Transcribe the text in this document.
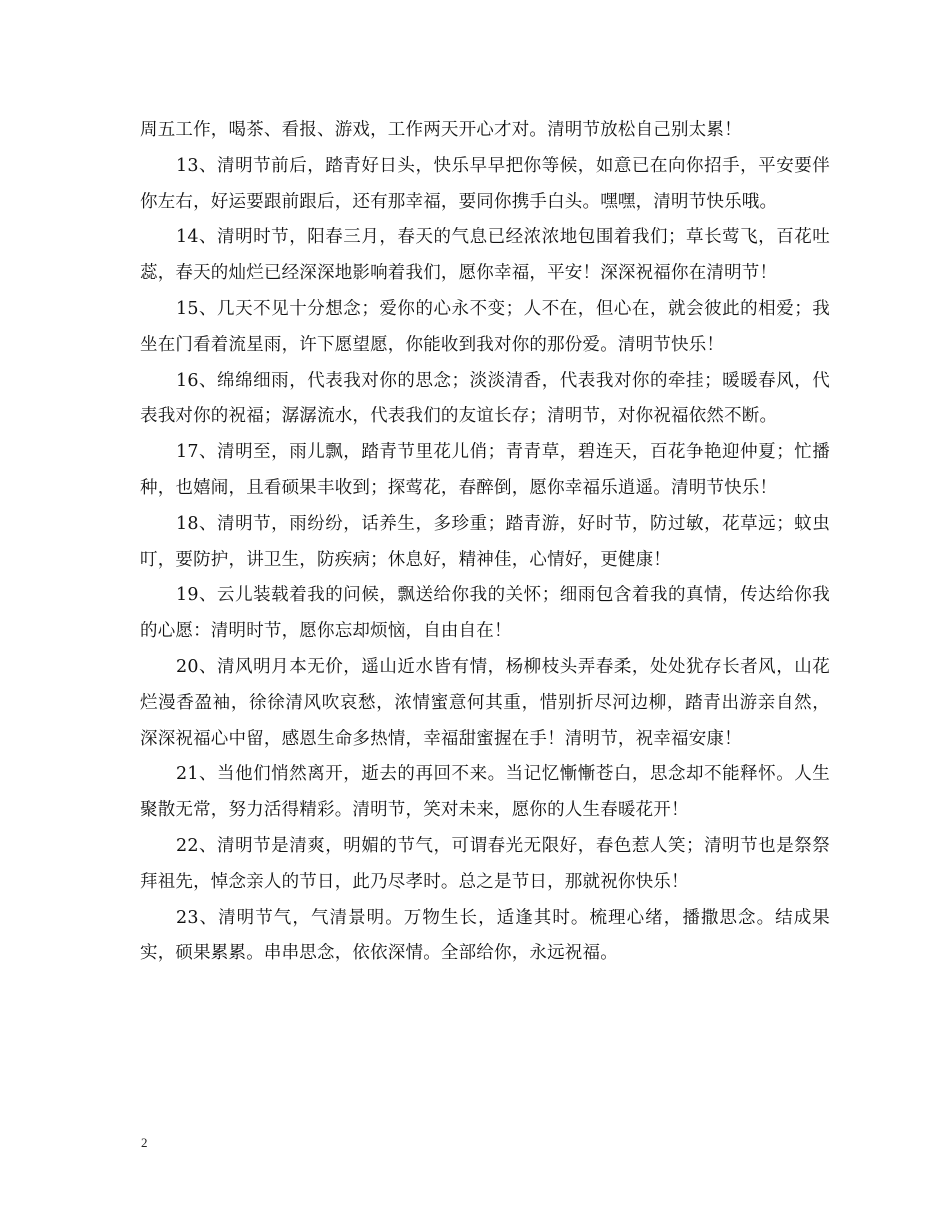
周五工作，喝茶、看报、游戏，工作两天开心才对。清明节放松自己别太累！

13、清明节前后，踏青好日头，快乐早早把你等候，如意已在向你招手，平安要伴你左右，好运要跟前跟后，还有那幸福，要同你携手白头。嘿嘿，清明节快乐哦。

14、清明时节，阳春三月，春天的气息已经浓浓地包围着我们；草长莺飞，百花吐蕊，春天的灿烂已经深深地影响着我们，愿你幸福，平安！深深祝福你在清明节！

15、几天不见十分想念；爱你的心永不变；人不在，但心在，就会彼此的相爱；我坐在门看着流星雨，许下愿望愿，你能收到我对你的那份爱。清明节快乐！

16、绵绵细雨，代表我对你的思念；淡淡清香，代表我对你的牵挂；暖暖春风，代表我对你的祝福；潺潺流水，代表我们的友谊长存；清明节，对你祝福依然不断。

17、清明至，雨儿飘，踏青节里花儿俏；青青草，碧连天，百花争艳迎仲夏；忙播种，也嬉闹，且看硕果丰收到；探莺花，春醉倒，愿你幸福乐逍遥。清明节快乐！

18、清明节，雨纷纷，话养生，多珍重；踏青游，好时节，防过敏，花草远；蚊虫叮，要防护，讲卫生，防疾病；休息好，精神佳，心情好，更健康！

19、云儿装载着我的问候，飘送给你我的关怀；细雨包含着我的真情，传达给你我的心愿：清明时节，愿你忘却烦恼，自由自在！

20、清风明月本无价，遥山近水皆有情，杨柳枝头弄春柔，处处犹存长者风，山花烂漫香盈袖，徐徐清风吹哀愁，浓情蜜意何其重，惜别折尽河边柳，踏青出游亲自然，深深祝福心中留，感恩生命多热情，幸福甜蜜握在手！清明节，祝幸福安康！

21、当他们悄然离开，逝去的再回不来。当记忆慚慚苍白，思念却不能释怀。人生聚散无常，努力活得精彩。清明节，笑对未来，愿你的人生春暖花开！

22、清明节是清爽，明媚的节气，可谓春光无限好，春色惹人笑；清明节也是祭祭拜祖先，悼念亲人的节日，此乃尽孝时。总之是节日，那就祝你快乐！

23、清明节气，气清景明。万物生长，适逢其时。梳理心绪，播撒思念。结成果实，硕果累累。串串思念，依依深情。全部给你，永远祝福。

2
